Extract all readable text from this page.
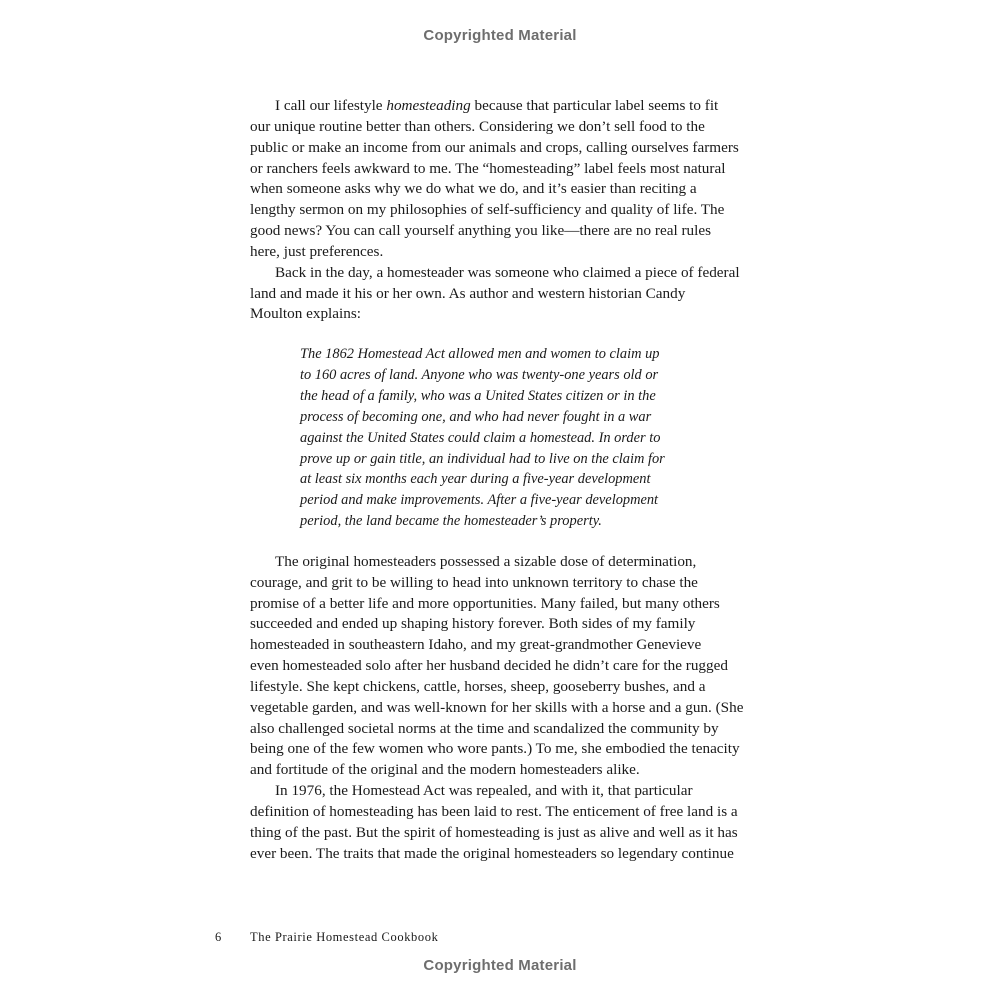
Copyrighted Material
I call our lifestyle homesteading because that particular label seems to fit
our unique routine better than others. Considering we don’t sell food to the
public or make an income from our animals and crops, calling ourselves farmers
or ranchers feels awkward to me. The “homesteading” label feels most natural
when someone asks why we do what we do, and it’s easier than reciting a
lengthy sermon on my philosophies of self-sufficiency and quality of life. The
good news? You can call yourself anything you like—there are no real rules
here, just preferences.
Back in the day, a homesteader was someone who claimed a piece of federal
land and made it his or her own. As author and western historian Candy
Moulton explains:
The 1862 Homestead Act allowed men and women to claim up
to 160 acres of land. Anyone who was twenty-one years old or
the head of a family, who was a United States citizen or in the
process of becoming one, and who had never fought in a war
against the United States could claim a homestead. In order to
prove up or gain title, an individual had to live on the claim for
at least six months each year during a five-year development
period and make improvements. After a five-year development
period, the land became the homesteader’s property.
The original homesteaders possessed a sizable dose of determination,
courage, and grit to be willing to head into unknown territory to chase the
promise of a better life and more opportunities. Many failed, but many others
succeeded and ended up shaping history forever. Both sides of my family
homesteaded in southeastern Idaho, and my great-grandmother Genevieve
even homesteaded solo after her husband decided he didn’t care for the rugged
lifestyle. She kept chickens, cattle, horses, sheep, gooseberry bushes, and a
vegetable garden, and was well-known for her skills with a horse and a gun. (She
also challenged societal norms at the time and scandalized the community by
being one of the few women who wore pants.) To me, she embodied the tenacity
and fortitude of the original and the modern homesteaders alike.
In 1976, the Homestead Act was repealed, and with it, that particular
definition of homesteading has been laid to rest. The enticement of free land is a
thing of the past. But the spirit of homesteading is just as alive and well as it has
ever been. The traits that made the original homesteaders so legendary continue
6 The Prairie Homestead Cookbook
Copyrighted Material
